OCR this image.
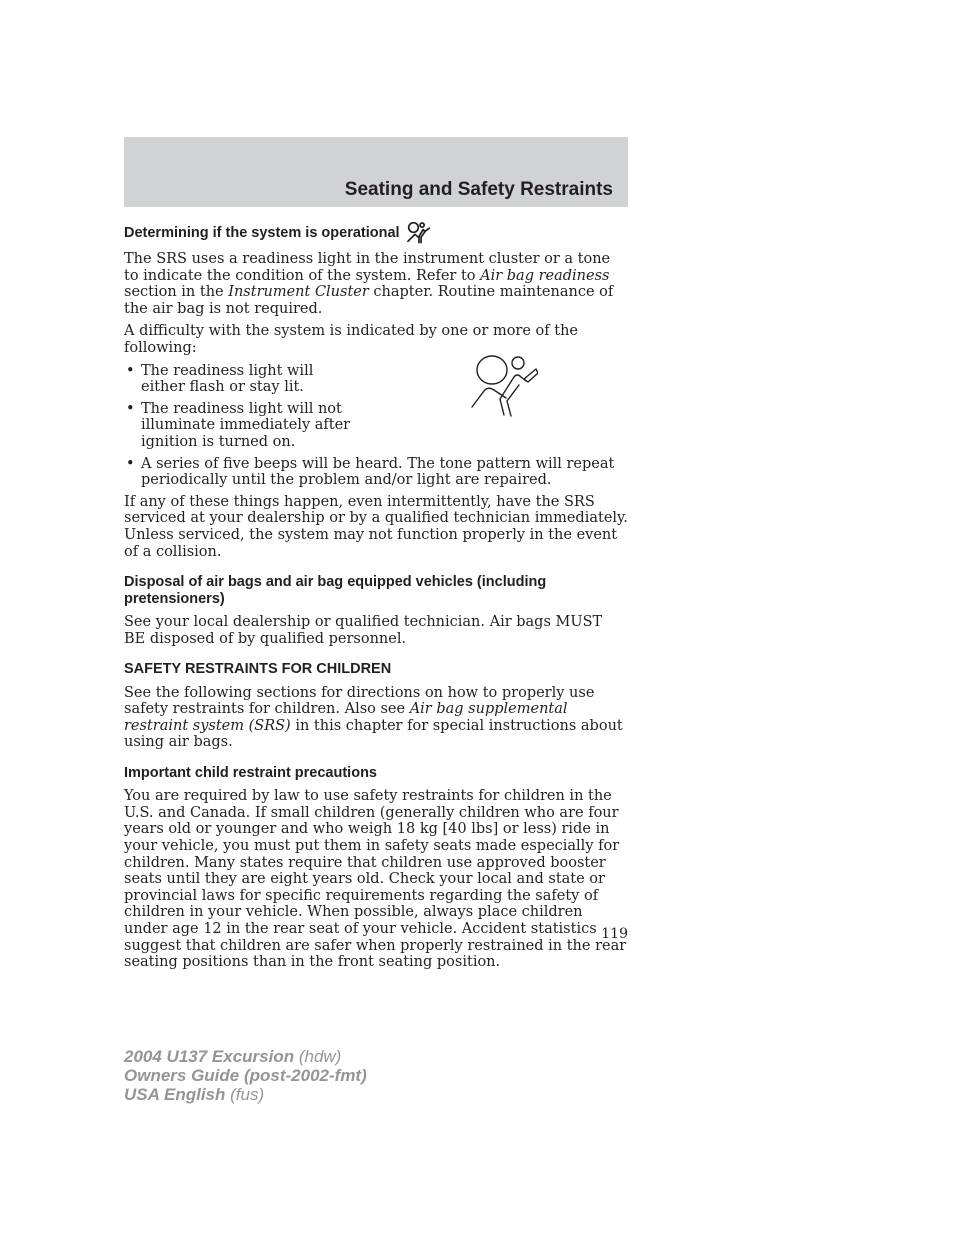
Seating and Safety Restraints
Determining if the system is operational

The SRS uses a readiness light in the instrument cluster or a tone to indicate the condition of the system. Refer to Air bag readiness section in the Instrument Cluster chapter. Routine maintenance of the air bag is not required.

A difficulty with the system is indicated by one or more of the following:

• The readiness light will either flash or stay lit.
• The readiness light will not illuminate immediately after ignition is turned on.
• A series of five beeps will be heard. The tone pattern will repeat periodically until the problem and/or light are repaired.

If any of these things happen, even intermittently, have the SRS serviced at your dealership or by a qualified technician immediately. Unless serviced, the system may not function properly in the event of a collision.

Disposal of air bags and air bag equipped vehicles (including pretensioners)

See your local dealership or qualified technician. Air bags MUST BE disposed of by qualified personnel.

SAFETY RESTRAINTS FOR CHILDREN

See the following sections for directions on how to properly use safety restraints for children. Also see Air bag supplemental restraint system (SRS) in this chapter for special instructions about using air bags.

Important child restraint precautions

You are required by law to use safety restraints for children in the U.S. and Canada. If small children (generally children who are four years old or younger and who weigh 18 kg [40 lbs] or less) ride in your vehicle, you must put them in safety seats made especially for children. Many states require that children use approved booster seats until they are eight years old. Check your local and state or provincial laws for specific requirements regarding the safety of children in your vehicle. When possible, always place children under age 12 in the rear seat of your vehicle. Accident statistics suggest that children are safer when properly restrained in the rear seating positions than in the front seating position.

119
2004 U137 Excursion (hdw)
Owners Guide (post-2002-fmt)
USA English (fus)
